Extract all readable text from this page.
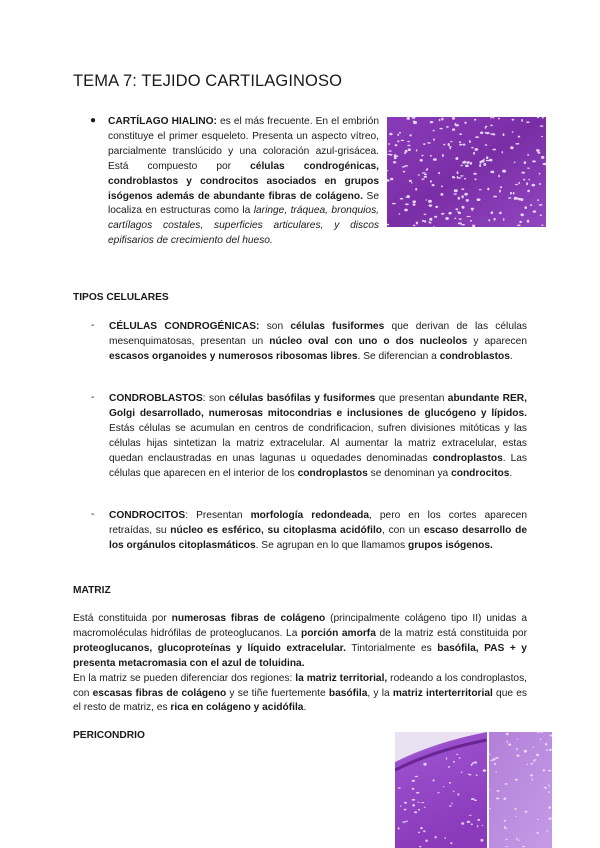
TEMA 7: TEJIDO CARTILAGINOSO
● CARTÍLAGO HIALINO: es el más frecuente. En el embrión constituye el primer esqueleto. Presenta un aspecto vítreo, parcialmente translúcido y una coloración azul-grisácea. Está compuesto por células condrogénicas, condroblastos y condrocitos asociados en grupos isógenos además de abundante fibras de colágeno. Se localiza en estructuras como la laringe, tráquea, bronquios, cartílagos costales, superficies articulares, y discos epifisarios de crecimiento del hueso.
TIPOS CELULARES
- CÉLULAS CONDROGÉNICAS: son células fusiformes que derivan de las células mesenquimatosas, presentan un núcleo oval con uno o dos nucleolos y aparecen escasos organoides y numerosos ribosomas libres. Se diferencian a condroblastos.
- CONDROBLASTOS: son células basófilas y fusiformes que presentan abundante RER, Golgi desarrollado, numerosas mitocondrias e inclusiones de glucógeno y lípidos. Estás células se acumulan en centros de condrificacion, sufren divisiones mitóticas y las células hijas sintetizan la matriz extracelular. Al aumentar la matriz extracelular, estas quedan enclaustradas en unas lagunas u oquedades denominadas condroplastos. Las células que aparecen en el interior de los condroplastos se denominan ya condrocitos.
- CONDROCITOS: Presentan morfología redondeada, pero en los cortes aparecen retraídas, su núcleo es esférico, su citoplasma acidófilo, con un escaso desarrollo de los orgánulos citoplasmáticos. Se agrupan en lo que llamamos grupos isógenos.
MATRIZ
Está constituida por numerosas fibras de colágeno (principalmente colágeno tipo II) unidas a macromoléculas hidrófilas de proteoglucanos. La porción amorfa de la matriz está constituida por proteoglucanos, glucoproteínas y líquido extracelular. Tintorialmente es basófila, PAS + y presenta metacromasia con el azul de toluidina.
En la matriz se pueden diferenciar dos regiones: la matriz territorial, rodeando a los condroplastos, con escasas fibras de colágeno y se tiñe fuertemente basófila, y la matriz interterritorial que es el resto de matriz, es rica en colágeno y acidófila.
PERICONDRIO
